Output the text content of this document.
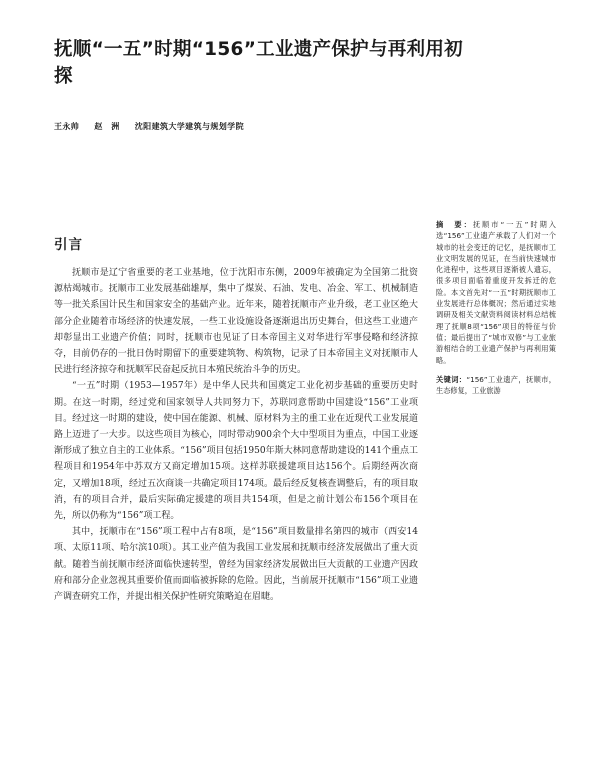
抚顺“一五”时期“156”工业遗产保护与再利用初探
王永帅 赵　洲 沈阳建筑大学建筑与规划学院
引言

抚顺市是辽宁省重要的老工业基地，位于沈阳市东侧，2009年被确定为全国第二批资源枯竭城市。抚顺市工业发展基础雄厚，集中了煤炭、石油、发电、冶金、军工、机械制造等一批关系国计民生和国家安全的基础产业。近年来，随着抚顺市产业升级，老工业区绝大部分企业随着市场经济的快速发展，一些工业设施设备逐渐退出历史舞台，但这些工业遗产却彰显出工业遗产价值；同时，抚顺市也见证了日本帝国主义对华进行军事侵略和经济掠夺，目前仍存的一批日伪时期留下的重要建筑物、构筑物，记录了日本帝国主义对抚顺市人民进行经济掠夺和抚顺军民奋起反抗日本殖民统治斗争的历史。

“一五”时期（1953—1957年）是中华人民共和国奠定工业化初步基础的重要历史时期。在这一时期，经过党和国家领导人共同努力下，苏联同意帮助中国建设“156”工业项目。经过这一时期的建设，使中国在能源、机械、原材料为主的重工业在近现代工业发展道路上迈进了一大步。以这些项目为核心，同时带动900余个大中型项目为重点，中国工业逐渐形成了独立自主的工业体系。“156”项目包括1950年斯大林同意帮助建设的141个重点工程项目和1954年中苏双方又商定增加15项。这样苏联援建项目达156个。后期经两次商定，又增加18项，经过五次商谈一共确定项目174项。最后经反复核查调整后，有的项目取消，有的项目合并，最后实际确定援建的项目共154项，但是之前计划公布156个项目在先，所以仍称为“156”项工程。

其中，抚顺市在“156”项工程中占有8项，是“156”项目数量排名第四的城市（西安14项、太原11项、哈尔滨10项）。其工业产值为我国工业发展和抚顺市经济发展做出了重大贡献。随着当前抚顺市经济面临快速转型，曾经为国家经济发展做出巨大贡献的工业遗产因政府和部分企业忽视其重要价值而面临被拆除的危险。因此，当前展开抚顺市“156”项工业遗产调查研究工作，并提出相关保护性研究策略迫在眉睫。

摘　要：抚顺市“一五”时期入选“156”工业遗产承载了人们对一个城市的社会变迁的记忆，是抚顺市工业文明发展的见证，在当前快速城市化进程中，这些项目逐渐被人遗忘，很多项目面临着重度开发拆迁的危险。本文首先对“一五”时期抚顺市工业发展进行总体概况；然后通过实地调研及相关文献资料阅读材料总结梳理了抚顺8项“156”项目的特征与价值；最后提出了“城市双修”与工业旅游相结合的工业遗产保护与再利用策略。

关键词：“156”工业遗产，抚顺市，生态修复，工业旅游
